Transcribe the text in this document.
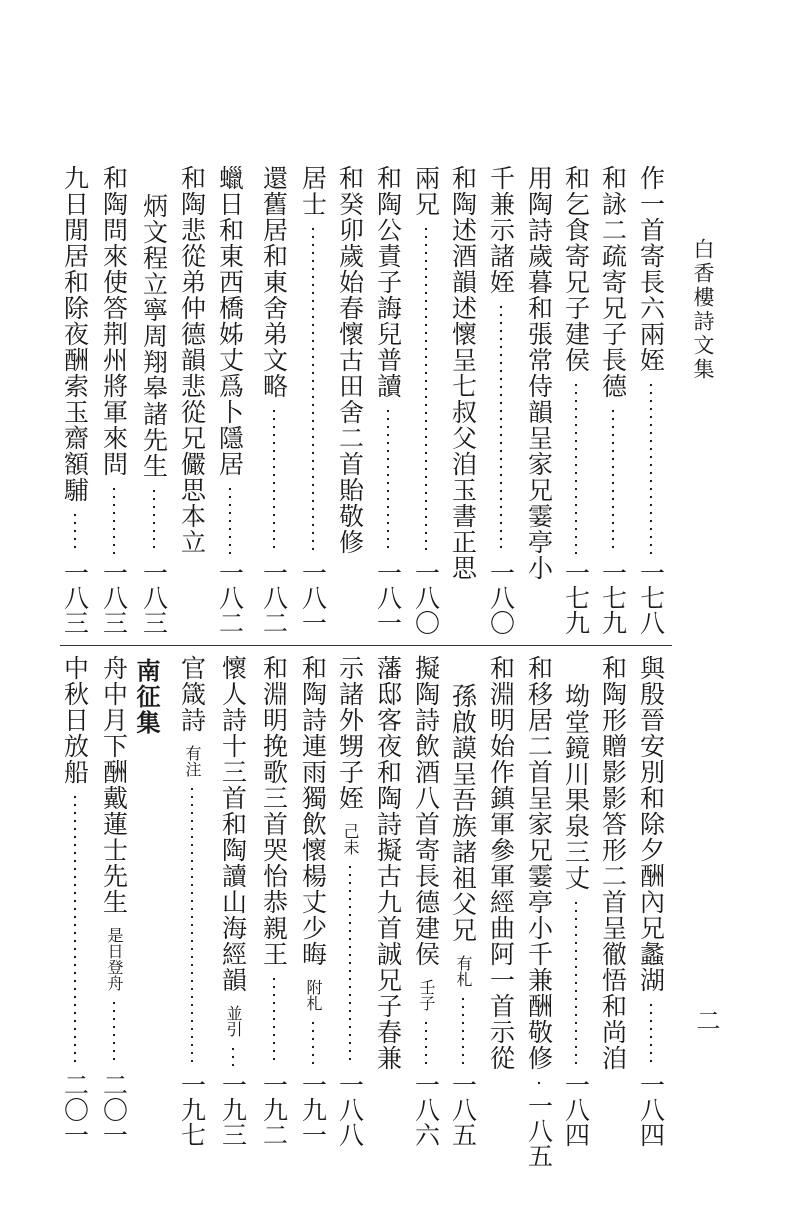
白香樓詩文集
二
作一首寄長六兩姪
一七八
和詠二疏寄兄子長德
一七九
和乞食寄兄子建侯
一七九
用陶詩歲暮和張常侍韻呈家兄霎亭小
千兼示諸姪
一八〇
和陶述酒韻述懷呈七叔父洎玉書正思
兩兄
一八〇
和陶公責子誨兒普讀
一八一
和癸卯歲始春懷古田舍二首貽敬修
居士
一八一
還舊居和東舍弟文略
一八二
蠟日和東西橋姊丈爲卜隱居
一八二
和陶悲從弟仲德韻悲從兄儼思本立
炳文程立寧周翔皋諸先生
一八三
和陶問來使答荆州將軍來問
一八三
九日閒居和除夜酬索玉齋額䮒
一八三
與殷晉安別和除夕酬內兄蠡湖
一八四
和陶形贈影影答形二首呈徹悟和尚洎
坳堂鏡川果泉三丈
一八四
和移居二首呈家兄霎亭小千兼酬敬修
一八五
和淵明始作鎮軍參軍經曲阿一首示從
孫啟謨呈吾族諸祖父兄
有札
一八五
擬陶詩飲酒八首寄長德建侯
壬子
一八六
藩邸客夜和陶詩擬古九首誠兄子春兼
示諸外甥子姪
己未
一八八
和陶詩連雨獨飲懷楊丈少晦
附札
一九一
和淵明挽歌三首哭怡恭親王
一九二
懷人詩十三首和陶讀山海經韻
並引
一九三
官箴詩
有注
一九七
舟中月下酬戴蓮士先生
是日登舟
二〇一
中秋日放船
二〇一
南征集
